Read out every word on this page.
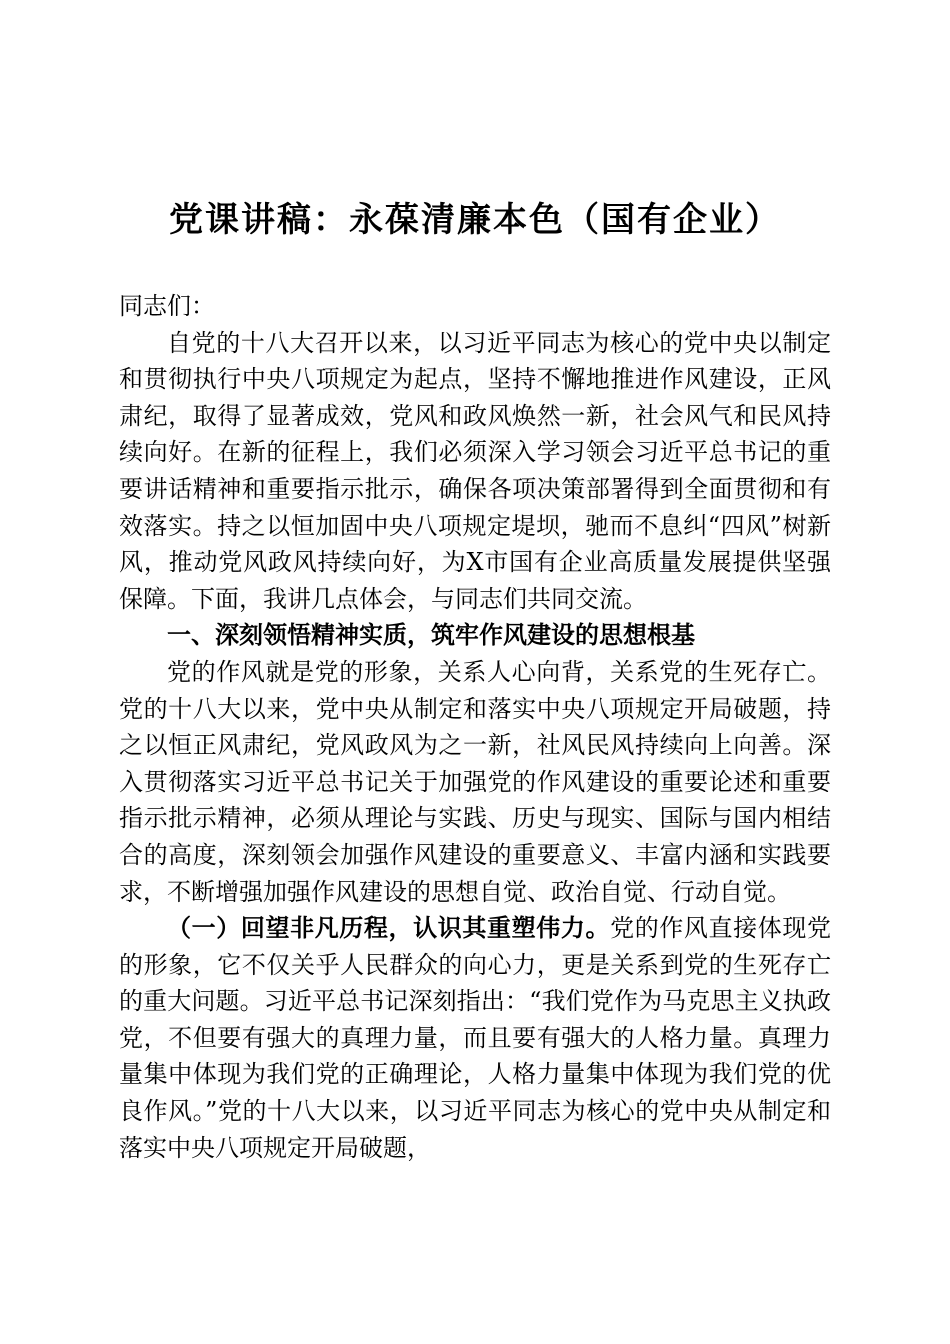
党课讲稿：永葆清廉本色（国有企业）

同志们：

自党的十八大召开以来，以习近平同志为核心的党中央以制定和贯彻执行中央八项规定为起点，坚持不懈地推进作风建设，正风肃纪，取得了显著成效，党风和政风焕然一新，社会风气和民风持续向好。在新的征程上，我们必须深入学习领会习近平总书记的重要讲话精神和重要指示批示，确保各项决策部署得到全面贯彻和有效落实。持之以恒加固中央八项规定堤坝，驰而不息纠“四风”树新风，推动党风政风持续向好，为X市国有企业高质量发展提供坚强保障。下面，我讲几点体会，与同志们共同交流。

一、深刻领悟精神实质，筑牢作风建设的思想根基

党的作风就是党的形象，关系人心向背，关系党的生死存亡。党的十八大以来，党中央从制定和落实中央八项规定开局破题，持之以恒正风肃纪，党风政风为之一新，社风民风持续向上向善。深入贯彻落实习近平总书记关于加强党的作风建设的重要论述和重要指示批示精神，必须从理论与实践、历史与现实、国际与国内相结合的高度，深刻领会加强作风建设的重要意义、丰富内涵和实践要求，不断增强加强作风建设的思想自觉、政治自觉、行动自觉。

（一）回望非凡历程，认识其重塑伟力。党的作风直接体现党的形象，它不仅关乎人民群众的向心力，更是关系到党的生死存亡的重大问题。习近平总书记深刻指出：“我们党作为马克思主义执政党，不但要有强大的真理力量，而且要有强大的人格力量。真理力量集中体现为我们党的正确理论，人格力量集中体现为我们党的优良作风。”党的十八大以来，以习近平同志为核心的党中央从制定和落实中央八项规定开局破题，
